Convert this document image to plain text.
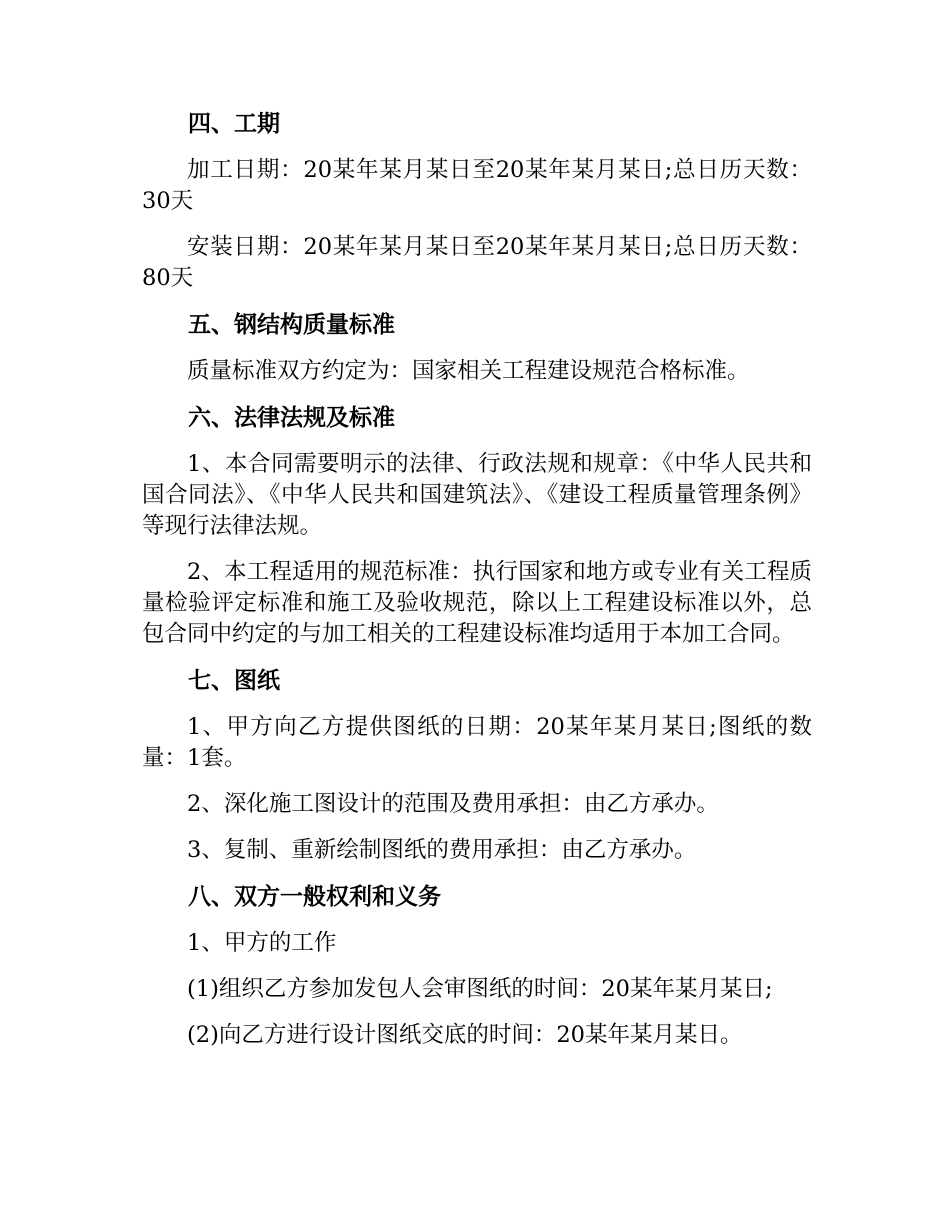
四、工期

加工日期：20某年某月某日至20某年某月某日;总日历天数：30天

安装日期：20某年某月某日至20某年某月某日;总日历天数：80天

五、钢结构质量标准

质量标准双方约定为：国家相关工程建设规范合格标准。

六、法律法规及标准

1、本合同需要明示的法律、行政法规和规章：《中华人民共和国合同法》、《中华人民共和国建筑法》、《建设工程质量管理条例》等现行法律法规。

2、本工程适用的规范标准：执行国家和地方或专业有关工程质量检验评定标准和施工及验收规范，除以上工程建设标准以外，总包合同中约定的与加工相关的工程建设标准均适用于本加工合同。

七、图纸

1、甲方向乙方提供图纸的日期：20某年某月某日;图纸的数量：1套。

2、深化施工图设计的范围及费用承担：由乙方承办。

3、复制、重新绘制图纸的费用承担：由乙方承办。

八、双方一般权利和义务

1、甲方的工作

(1)组织乙方参加发包人会审图纸的时间：20某年某月某日;

(2)向乙方进行设计图纸交底的时间：20某年某月某日。
